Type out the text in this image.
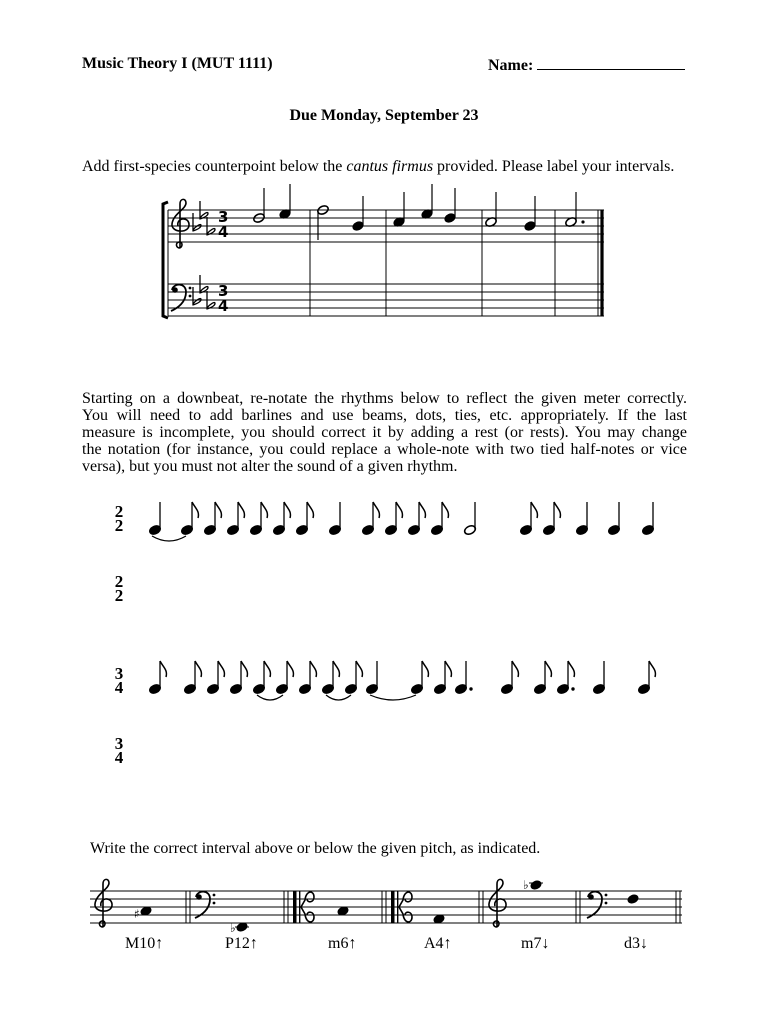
Music Theory I (MUT 1111)	Name:
Due Monday, September 23
Add first-species counterpoint below the cantus firmus provided. Please label your intervals.
3
4
3
4
♯
♭
♭
2
2
2
2
3
4
3
4
Starting on a downbeat, re-notate the rhythms below to reflect the given meter correctly.
You will need to add barlines and use beams, dots, ties, etc. appropriately. If the last
measure is incomplete, you should correct it by adding a rest (or rests). You may change
the notation (for instance, you could replace a whole-note with two tied half-notes or vice
versa), but you must not alter the sound of a given rhythm.
Write the correct interval above or below the given pitch, as indicated.
M10↑	P12↑	m6↑	A4↑	m7↓	d3↓
